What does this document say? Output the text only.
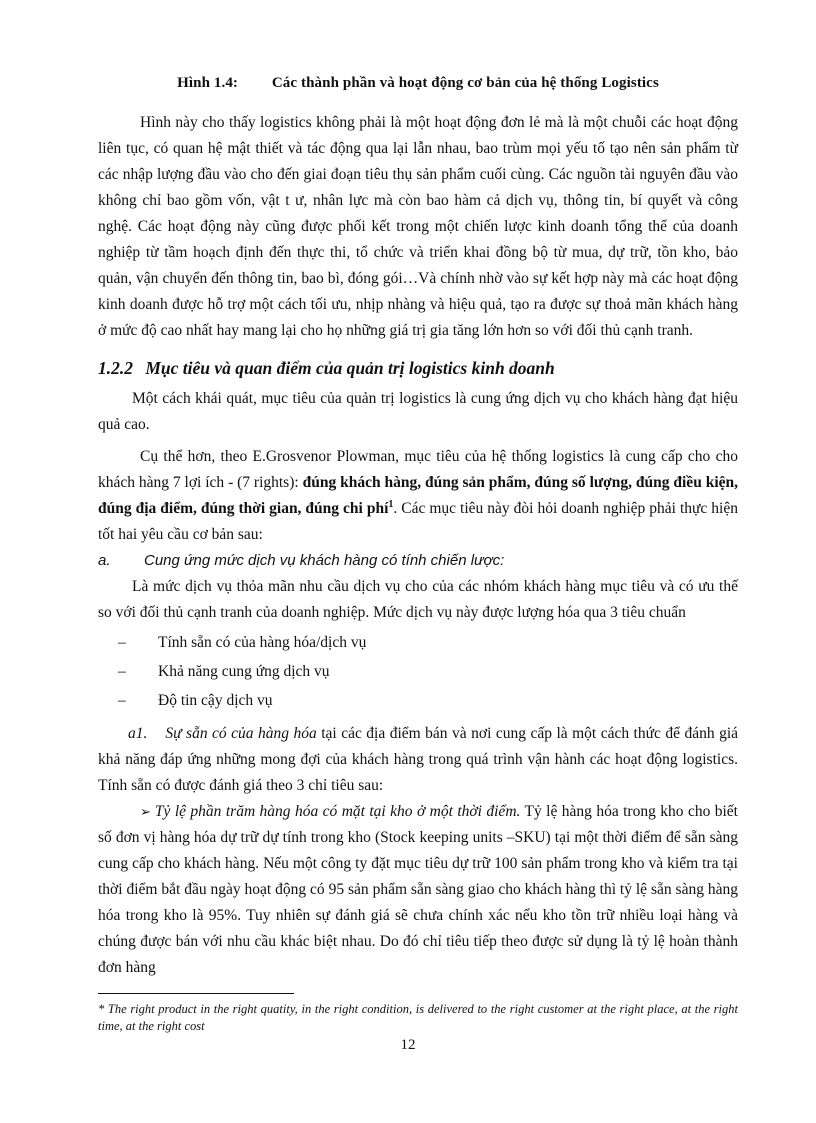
Hình 1.4: Các thành phần và hoạt động cơ bản của hệ thống Logistics

Hình này cho thấy logistics không phải là một hoạt động đơn lẻ mà là một chuỗi các hoạt động liên tục, có quan hệ mật thiết và tác động qua lại lẫn nhau, bao trùm mọi yếu tố tạo nên sản phẩm từ các nhập lượng đầu vào cho đến giai đoạn tiêu thụ sản phẩm cuối cùng. Các nguồn tài nguyên đầu vào không chỉ bao gồm vốn, vật t ư, nhân lực mà còn bao hàm cả dịch vụ, thông tin, bí quyết và công nghệ. Các hoạt động này cũng được phối kết trong một chiến lược kinh doanh tổng thể của doanh nghiệp từ tầm hoạch định đến thực thi, tổ chức và triển khai đồng bộ từ mua, dự trữ, tồn kho, bảo quản, vận chuyển đến thông tin, bao bì, đóng gói…Và chính nhờ vào sự kết hợp này mà các hoạt động kinh doanh được hỗ trợ một cách tối ưu, nhịp nhàng và hiệu quả, tạo ra được sự thoả mãn khách hàng ở mức độ cao nhất hay mang lại cho họ những giá trị gia tăng lớn hơn so với đối thủ cạnh tranh.

1.2.2 Mục tiêu và quan điểm của quản trị logistics kinh doanh

Một cách khái quát, mục tiêu của quản trị logistics là cung ứng dịch vụ cho khách hàng đạt hiệu quả cao.

Cụ thể hơn, theo E.Grosvenor Plowman, mục tiêu của hệ thống logistics là cung cấp cho cho khách hàng 7 lợi ích - (7 rights): đúng khách hàng, đúng sản phẩm, đúng số lượng, đúng điều kiện, đúng địa điểm, đúng thời gian, đúng chi phí$^1$. Các mục tiêu này đòi hỏi doanh nghiệp phải thực hiện tốt hai yêu cầu cơ bản sau:

a. Cung ứng mức dịch vụ khách hàng có tính chiến lược:

Là mức dịch vụ thỏa mãn nhu cầu dịch vụ cho của các nhóm khách hàng mục tiêu và có ưu thế so với đối thủ cạnh tranh của doanh nghiệp. Mức dịch vụ này được lượng hóa qua 3 tiêu chuẩn

– Tính sẵn có của hàng hóa/dịch vụ
– Khả năng cung ứng dịch vụ
– Độ tin cậy dịch vụ

a1. Sự sẵn có của hàng hóa tại các địa điểm bán và nơi cung cấp là một cách thức để đánh giá khả năng đáp ứng những mong đợi của khách hàng trong quá trình vận hành các hoạt động logistics. Tính sẵn có được đánh giá theo 3 chỉ tiêu sau:

➢ Tỷ lệ phần trăm hàng hóa có mặt tại kho ở một thời điểm. Tỷ lệ hàng hóa trong kho cho biết số đơn vị hàng hóa dự trữ dự tính trong kho (Stock keeping units –SKU) tại một thời điểm để sẵn sàng cung cấp cho khách hàng. Nếu một công ty đặt mục tiêu dự trữ 100 sản phẩm trong kho và kiểm tra tại thời điểm bắt đầu ngày hoạt động có 95 sản phẩm sẵn sàng giao cho khách hàng thì tỷ lệ sẵn sàng hàng hóa trong kho là 95%. Tuy nhiên sự đánh giá sẽ chưa chính xác nếu kho tồn trữ nhiều loại hàng và chúng được bán với nhu cầu khác biệt nhau. Do đó chỉ tiêu tiếp theo được sử dụng là tỷ lệ hoàn thành đơn hàng

* The right product in the right quatity, in the right condition, is delivered to the right customer at the right place, at the right time, at the right cost
12
